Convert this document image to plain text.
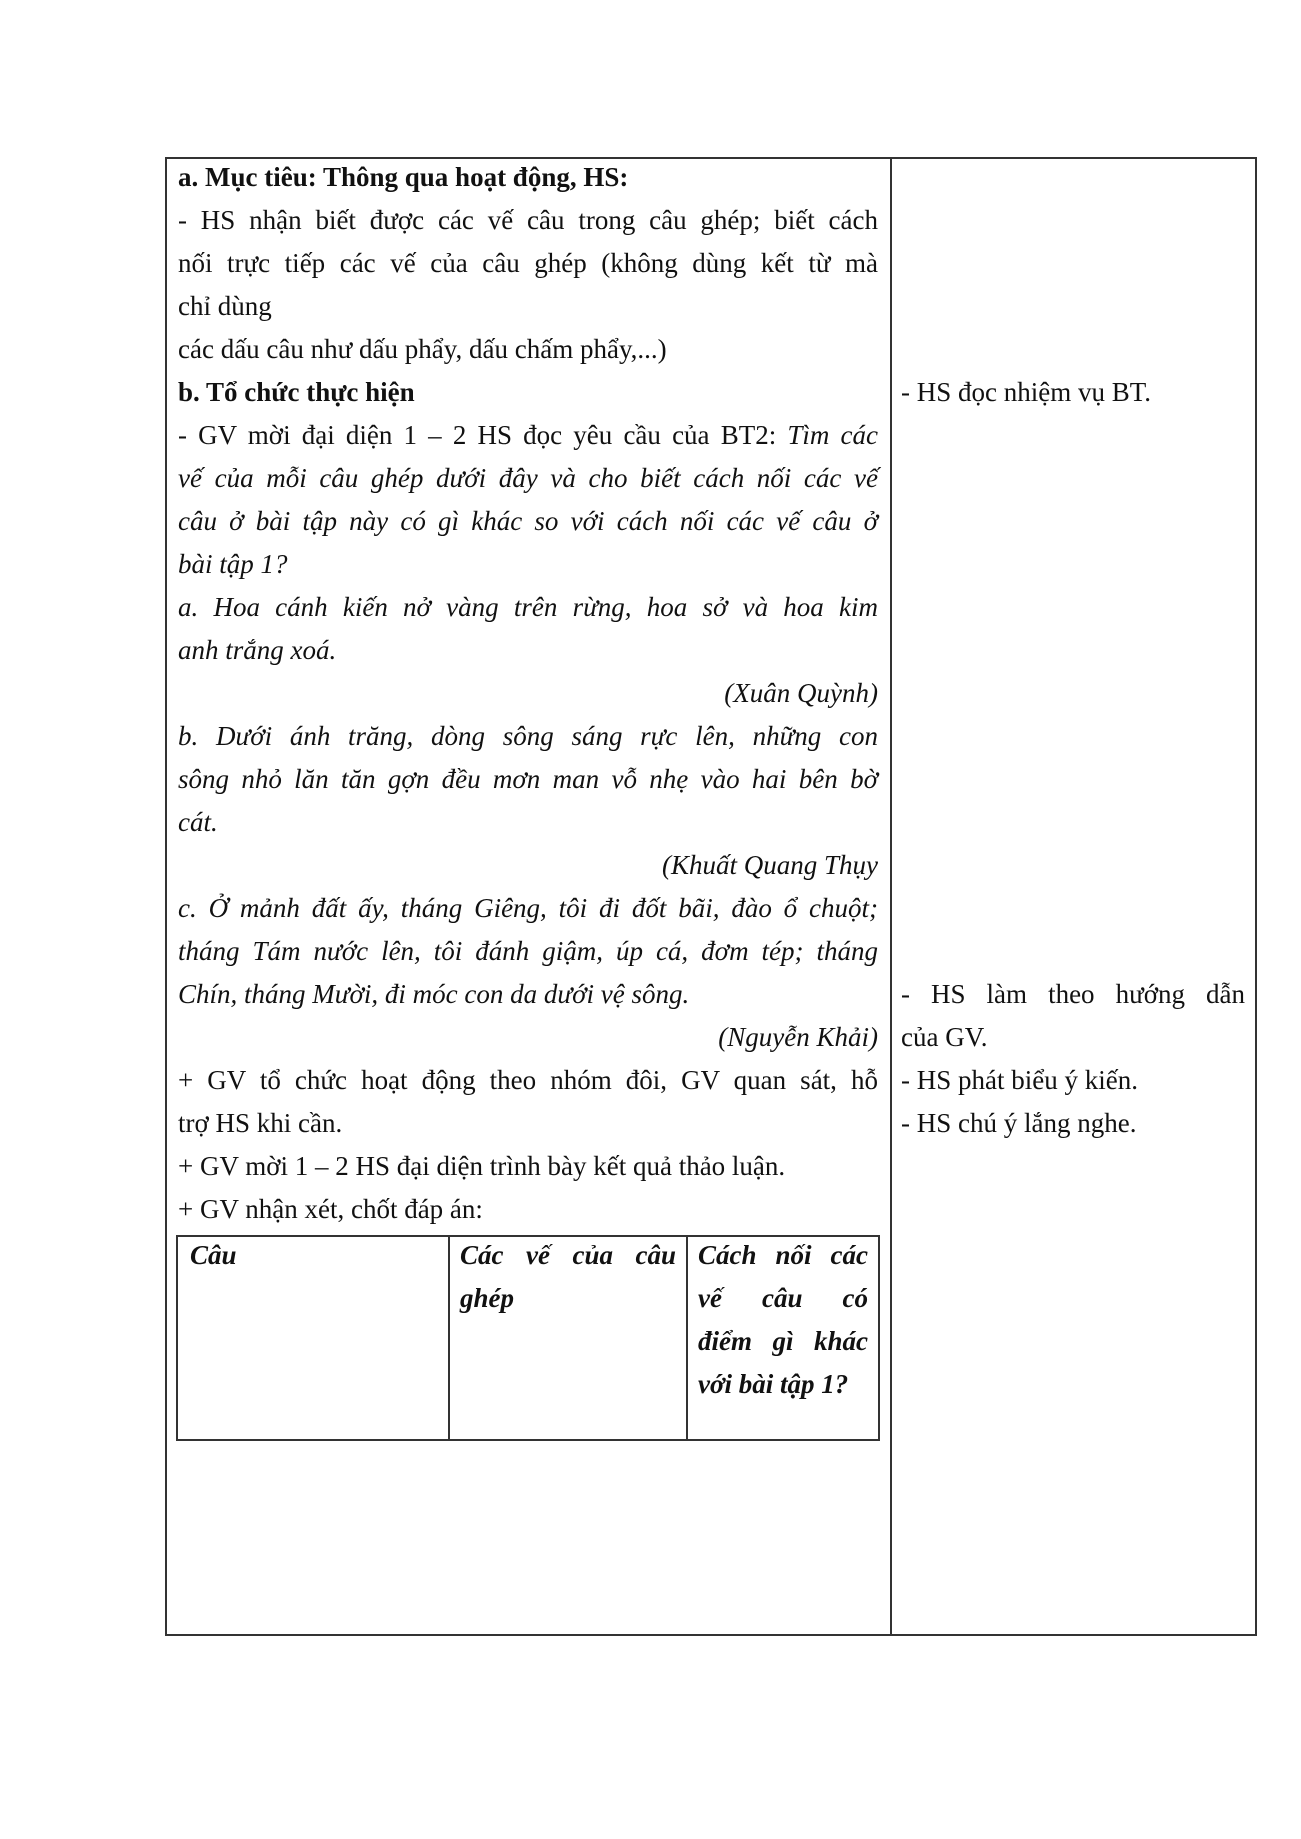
a. Mục tiêu: Thông qua hoạt động, HS:
- HS nhận biết được các vế câu trong câu ghép; biết cách
nối trực tiếp các vế của câu ghép (không dùng kết từ mà
chỉ dùng
các dấu câu như dấu phẩy, dấu chấm phẩy,...)
b. Tổ chức thực hiện
- GV mời đại diện 1 – 2 HS đọc yêu cầu của BT2: Tìm các
vế của mỗi câu ghép dưới đây và cho biết cách nối các vế
câu ở bài tập này có gì khác so với cách nối các vế câu ở
bài tập 1?
a. Hoa cánh kiến nở vàng trên rừng, hoa sở và hoa kim
anh trắng xoá.
(Xuân Quỳnh)
b. Dưới ánh trăng, dòng sông sáng rực lên, những con
sông nhỏ lăn tăn gợn đều mơn man vỗ nhẹ vào hai bên bờ
cát.
(Khuất Quang Thụy
c. Ở mảnh đất ấy, tháng Giêng, tôi đi đốt bãi, đào ổ chuột;
tháng Tám nước lên, tôi đánh giậm, úp cá, đơm tép; tháng
Chín, tháng Mười, đi móc con da dưới vệ sông.
(Nguyễn Khải)
+ GV tổ chức hoạt động theo nhóm đôi, GV quan sát, hỗ
trợ HS khi cần.
+ GV mời 1 – 2 HS đại diện trình bày kết quả thảo luận.
+ GV nhận xét, chốt đáp án:
- HS đọc nhiệm vụ BT.
- HS làm theo hướng dẫn
của GV.
- HS phát biểu ý kiến.
- HS chú ý lắng nghe.
Câu	Các vế của câu
ghép
Cách nối các
vế câu có
điểm gì khác
với bài tập 1?
